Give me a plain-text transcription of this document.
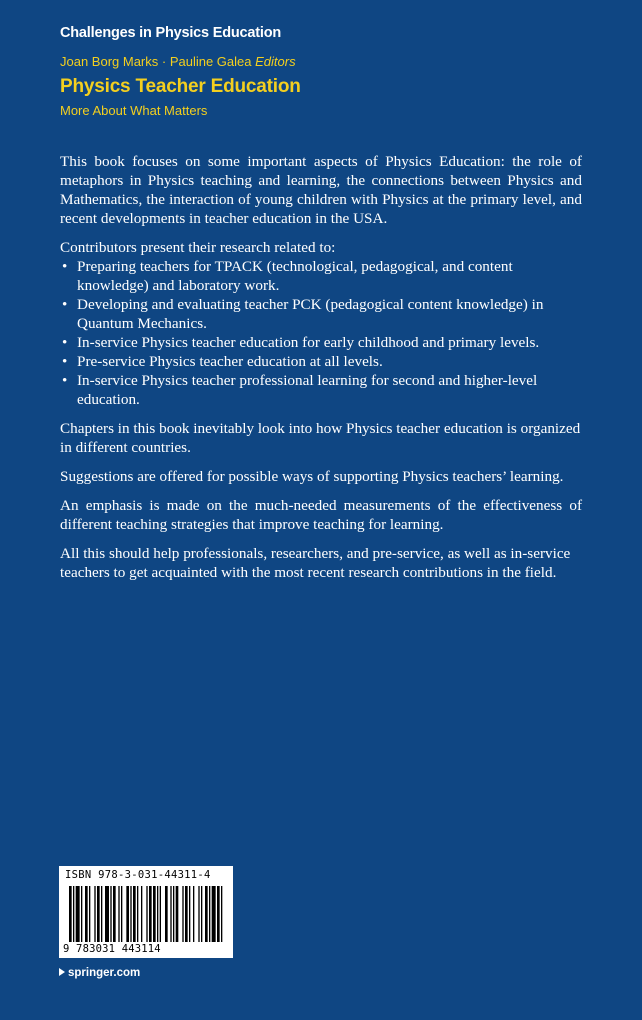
Challenges in Physics Education
Joan Borg Marks · Pauline Galea Editors
Physics Teacher Education
More About What Matters

This book focuses on some important aspects of Physics Education: the role of metaphors in Physics teaching and learning, the connections between Physics and Mathematics, the interaction of young children with Physics at the primary level, and recent developments in teacher education in the USA.

Contributors present their research related to:

• Preparing teachers for TPACK (technological, pedagogical, and content knowledge) and laboratory work.
• Developing and evaluating teacher PCK (pedagogical content knowledge) in Quantum Mechanics.
• In-service Physics teacher education for early childhood and primary levels.
• Pre-service Physics teacher education at all levels.
• In-service Physics teacher professional learning for second and higher-level education.

Chapters in this book inevitably look into how Physics teacher education is organized in different countries.

Suggestions are offered for possible ways of supporting Physics teachers’ learning.

An emphasis is made on the much-needed measurements of the effectiveness of different teaching strategies that improve teaching for learning.

All this should help professionals, researchers, and pre-service, as well as in-service teachers to get acquainted with the most recent research contributions in the field.

ISBN 978-3-031-44311-4
9 783031 443114
springer.com
